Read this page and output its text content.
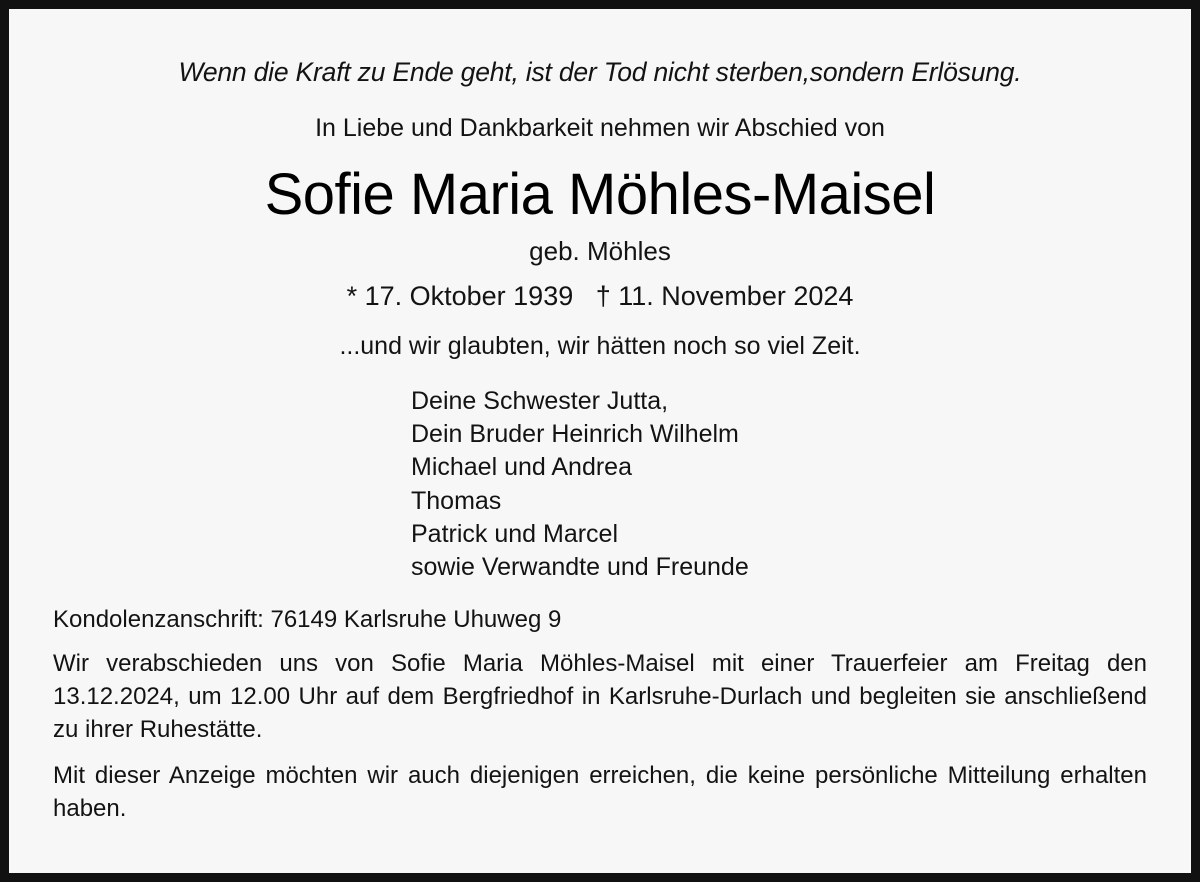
Wenn die Kraft zu Ende geht, ist der Tod nicht sterben,sondern Erlösung.
In Liebe und Dankbarkeit nehmen wir Abschied von
Sofie Maria Möhles-Maisel
geb. Möhles
* 17. Oktober 1939   † 11. November 2024
...und wir glaubten, wir hätten noch so viel Zeit.
Deine Schwester Jutta,
Dein Bruder Heinrich Wilhelm
Michael und Andrea
Thomas
Patrick und Marcel
sowie Verwandte und Freunde
Kondolenzanschrift: 76149 Karlsruhe Uhuweg 9
Wir verabschieden uns von Sofie Maria Möhles-Maisel mit einer Trauerfeier am Freitag den 13.12.2024, um 12.00 Uhr auf dem Bergfriedhof in Karlsruhe-Durlach und begleiten sie anschließend zu ihrer Ruhestätte.
Mit dieser Anzeige möchten wir auch diejenigen erreichen, die keine persönliche Mitteilung erhalten haben.
